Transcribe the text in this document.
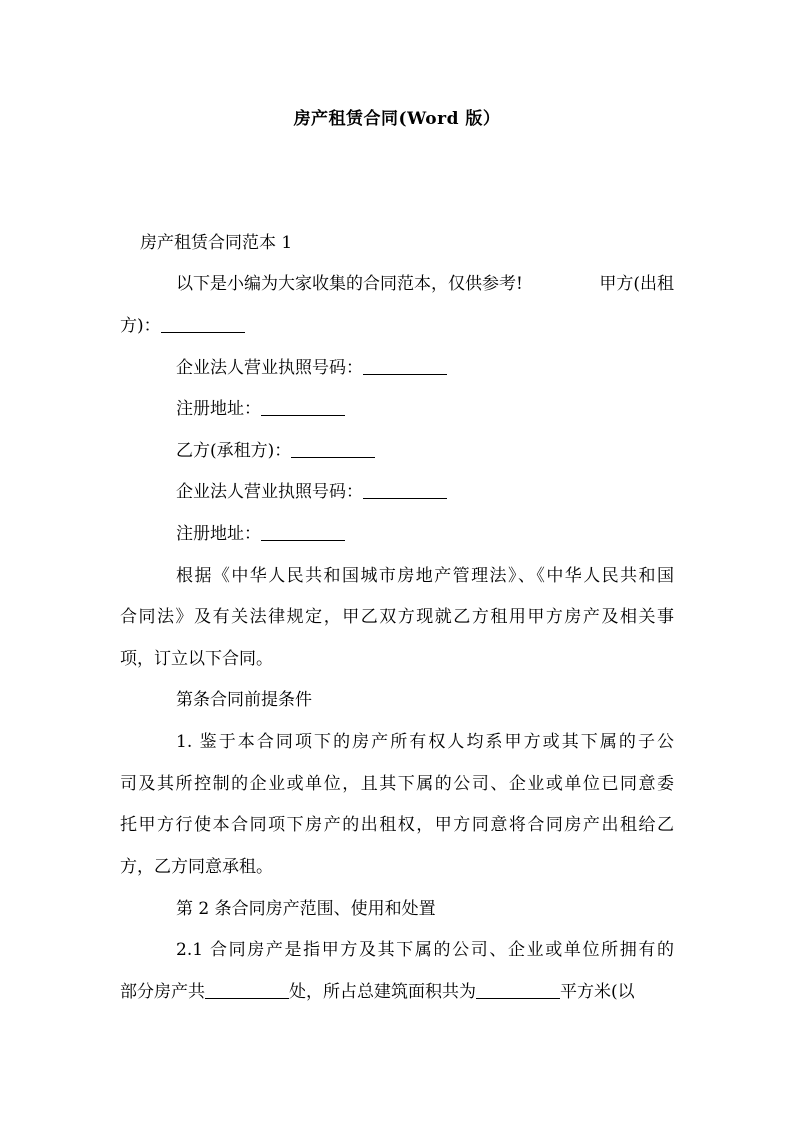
房产租赁合同(Word 版）
房产租赁合同范本 1
以下是小编为大家收集的合同范本，仅供参考!	甲方(出租
方)：
企业法人营业执照号码：
注册地址：
乙方(承租方)：
企业法人营业执照号码：
注册地址：
根据《中华人民共和国城市房地产管理法》、《中华人民共和国
合同法》及有关法律规定，甲乙双方现就乙方租用甲方房产及相关事
项，订立以下合同。
第条合同前提条件
1. 鉴于本合同项下的房产所有权人均系甲方或其下属的子公
司及其所控制的企业或单位，且其下属的公司、企业或单位已同意委
托甲方行使本合同项下房产的出租权，甲方同意将合同房产出租给乙
方，乙方同意承租。
第 2 条合同房产范围、使用和处置
2.1 合同房产是指甲方及其下属的公司、企业或单位所拥有的
部分房产共	处，所占总建筑面积共为	平方米(以
